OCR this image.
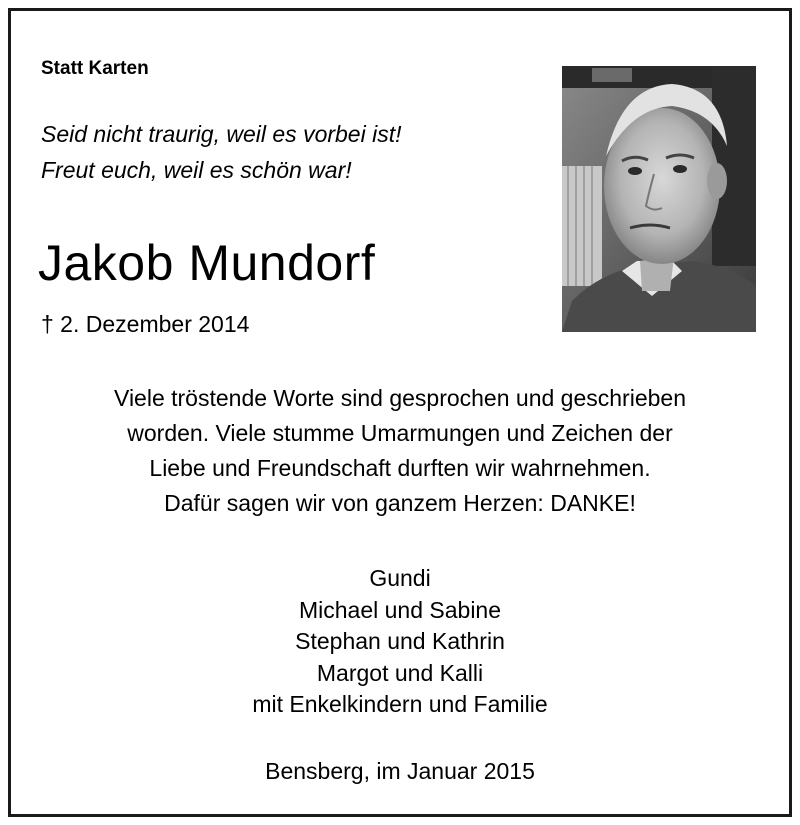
Statt Karten
Seid nicht traurig, weil es vorbei ist!
Freut euch, weil es schön war!
Jakob Mundorf
† 2. Dezember 2014
Viele tröstende Worte sind gesprochen und geschrieben
worden. Viele stumme Umarmungen und Zeichen der
Liebe und Freundschaft durften wir wahrnehmen.
Dafür sagen wir von ganzem Herzen: DANKE!
Gundi
Michael und Sabine
Stephan und Kathrin
Margot und Kalli
mit Enkelkindern und Familie
Bensberg, im Januar 2015
